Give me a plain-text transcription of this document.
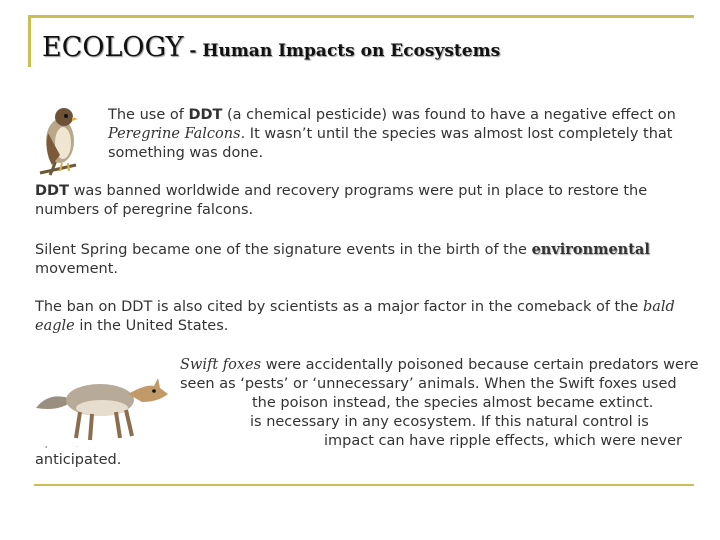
ECOLOGY - Human Impacts on Ecosystems
The use of DDT (a chemical pesticide) was found to have a negative effect on Peregrine Falcons. It wasn’t until the species was almost lost completely that something was done.
DDT was banned worldwide and recovery programs were put in place to restore the numbers of peregrine falcons.
Silent Spring became one of the signature events in the birth of the environmental movement.
The ban on DDT is also cited by scientists as a major factor in the comeback of the bald eagle in the United States.
Swift foxes were accidentally poisoned because certain predators were
seen as ‘pests’ or ‘unnecessary’ animals. When the Swift foxes used
the poison instead, the species almost became extinct.
is necessary in any ecosystem. If this natural control is
impact can have ripple effects, which were never
anticipated.
